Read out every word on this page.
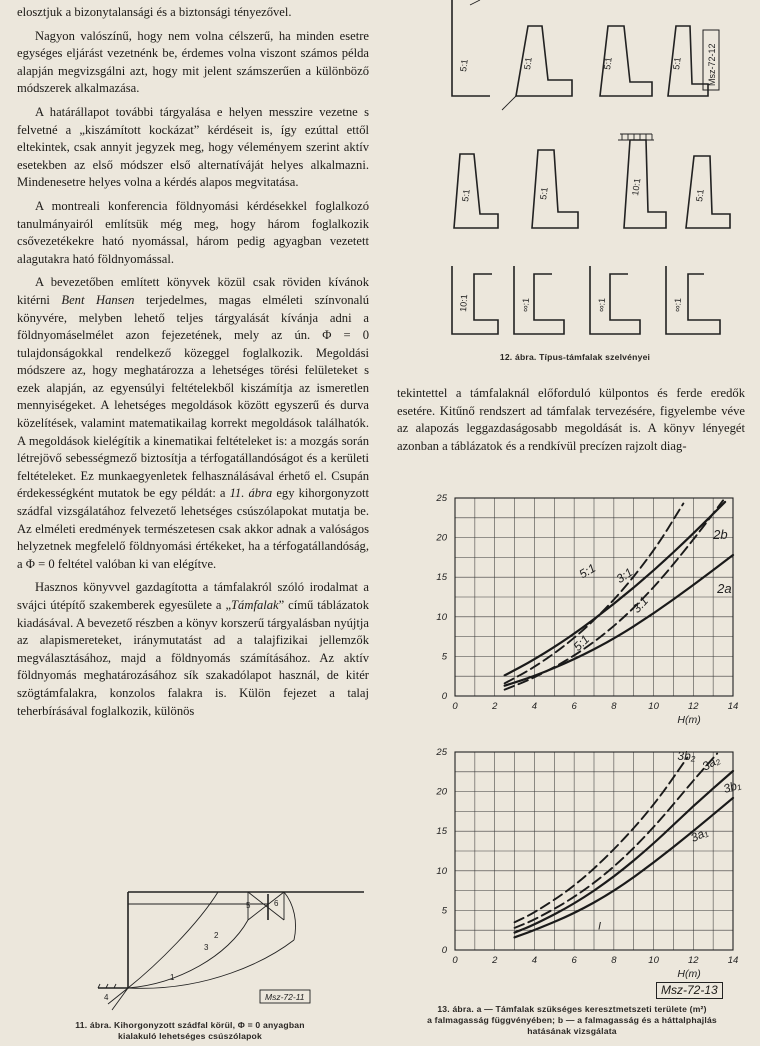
elosztjuk a bizonytalansági és a biztonsági tényezővel.

Nagyon valószínű, hogy nem volna célszerű, ha minden esetre egységes eljárást vezetnénk be, érdemes volna viszont számos példa alapján megvizsgálni azt, hogy mit jelent számszerűen a különböző módszerek alkalmazása.

A határállapot további tárgyalása e helyen messzire vezetne s felvetné a „kiszámított kockázat” kérdéseit is, így ezúttal ettől eltekintek, csak annyit jegyzek meg, hogy véleményem szerint aktív esetekben az első módszer első alternatíváját helyes alkalmazni. Mindenesetre helyes volna a kérdés alapos megvitatása.

A montreali konferencia földnyomási kérdésekkel foglalkozó tanulmányairól említsük még meg, hogy három foglalkozik csővezetékekre ható nyomással, három pedig agyagban vezetett alagutakra ható földnyomással.

A bevezetőben említett könyvek közül csak röviden kívánok kitérni Bent Hansen terjedelmes, magas elméleti színvonalú könyvére, melyben lehető teljes tárgyalását kívánja adni a földnyomáselmélet azon fejezetének, mely az ún. Φ = 0 tulajdonságokkal rendelkező közeggel foglalkozik. Megoldási módszere az, hogy meghatározza a lehetséges törési felületeket s ezek alapján, az egyensúlyi feltételekből kiszámítja az ismeretlen mennyiségeket. A lehetséges megoldások között egyszerű és durva közelítések, valamint matematikailag korrekt megoldások találhatók. A megoldások kielégítik a kinematikai feltételeket is: a mozgás során létrejövő sebességmező biztosítja a térfogatállandóságot és a kerületi feltételeket. Ez munkaegyenletek felhasználásával érhető el. Csupán érdekességként mutatok be egy példát: a 11. ábra egy kihorgonyzott szádfal vizsgálatához felvezető lehetséges csúszólapokat mutatja be. Az elméleti eredmények természetesen csak akkor adnak a valóságos helyzetnek megfelelő földnyomási értékeket, ha a térfogatállandóság, a Φ = 0 feltétel valóban ki van elégítve.

Hasznos könyvvel gazdagította a támfalakról szóló irodalmat a svájci útépítő szakemberek egyesülete a „Támfalak” című táblázatok kiadásával. A bevezető részben a könyv korszerű tárgyalásban nyújtja az alapismereteket, iránymutatást ad a talajfizikai jellemzők megválasztásához, majd a földnyomás számításához. Az aktív földnyomás meghatározásához sík szakadólapot használ, de kitér szögtámfalakra, konzolos falakra is. Külön fejezet a talaj teherbírásával foglalkozik, különös

tekintettel a támfalaknál előforduló külpontos és ferde eredők esetére. Kitűnő rendszert ad támfalak tervezésére, figyelembe véve az alapozás leggazdaságosabb megoldását is. A könyv lényegét azonban a táblázatok és a rendkívül precízen rajzolt diag-

5:1	5:1	5:1	5:1	Msz-72-12
5:1	5:1	10:1	5:1
10:1	∞:1	∞:1	∞:1
12. ábra. Típus-támfalak szelvényei
1
2
3
4
5	6
Msz-72-11
11. ábra. Kihorgonyzott szádfal körül, Φ = 0 anyagban
kialakuló lehetséges csúszólapok
0	2	4	6	8	10	12	14
0
5
10
15
20
25
H(m)
5:1 3:1
5:1
3:1
2b
2a
0	2	4	6	8	10	12	14
0
5
10
15
20
25
H(m)
3b₂ 3a₂
3b₁
3a₁
I
Msz-72-13
13. ábra. a — Támfalak szükséges keresztmetszeti területe (m²)
a falmagasság függvényében; b — a falmagasság és a háttalphajlás
hatásának vizsgálata
